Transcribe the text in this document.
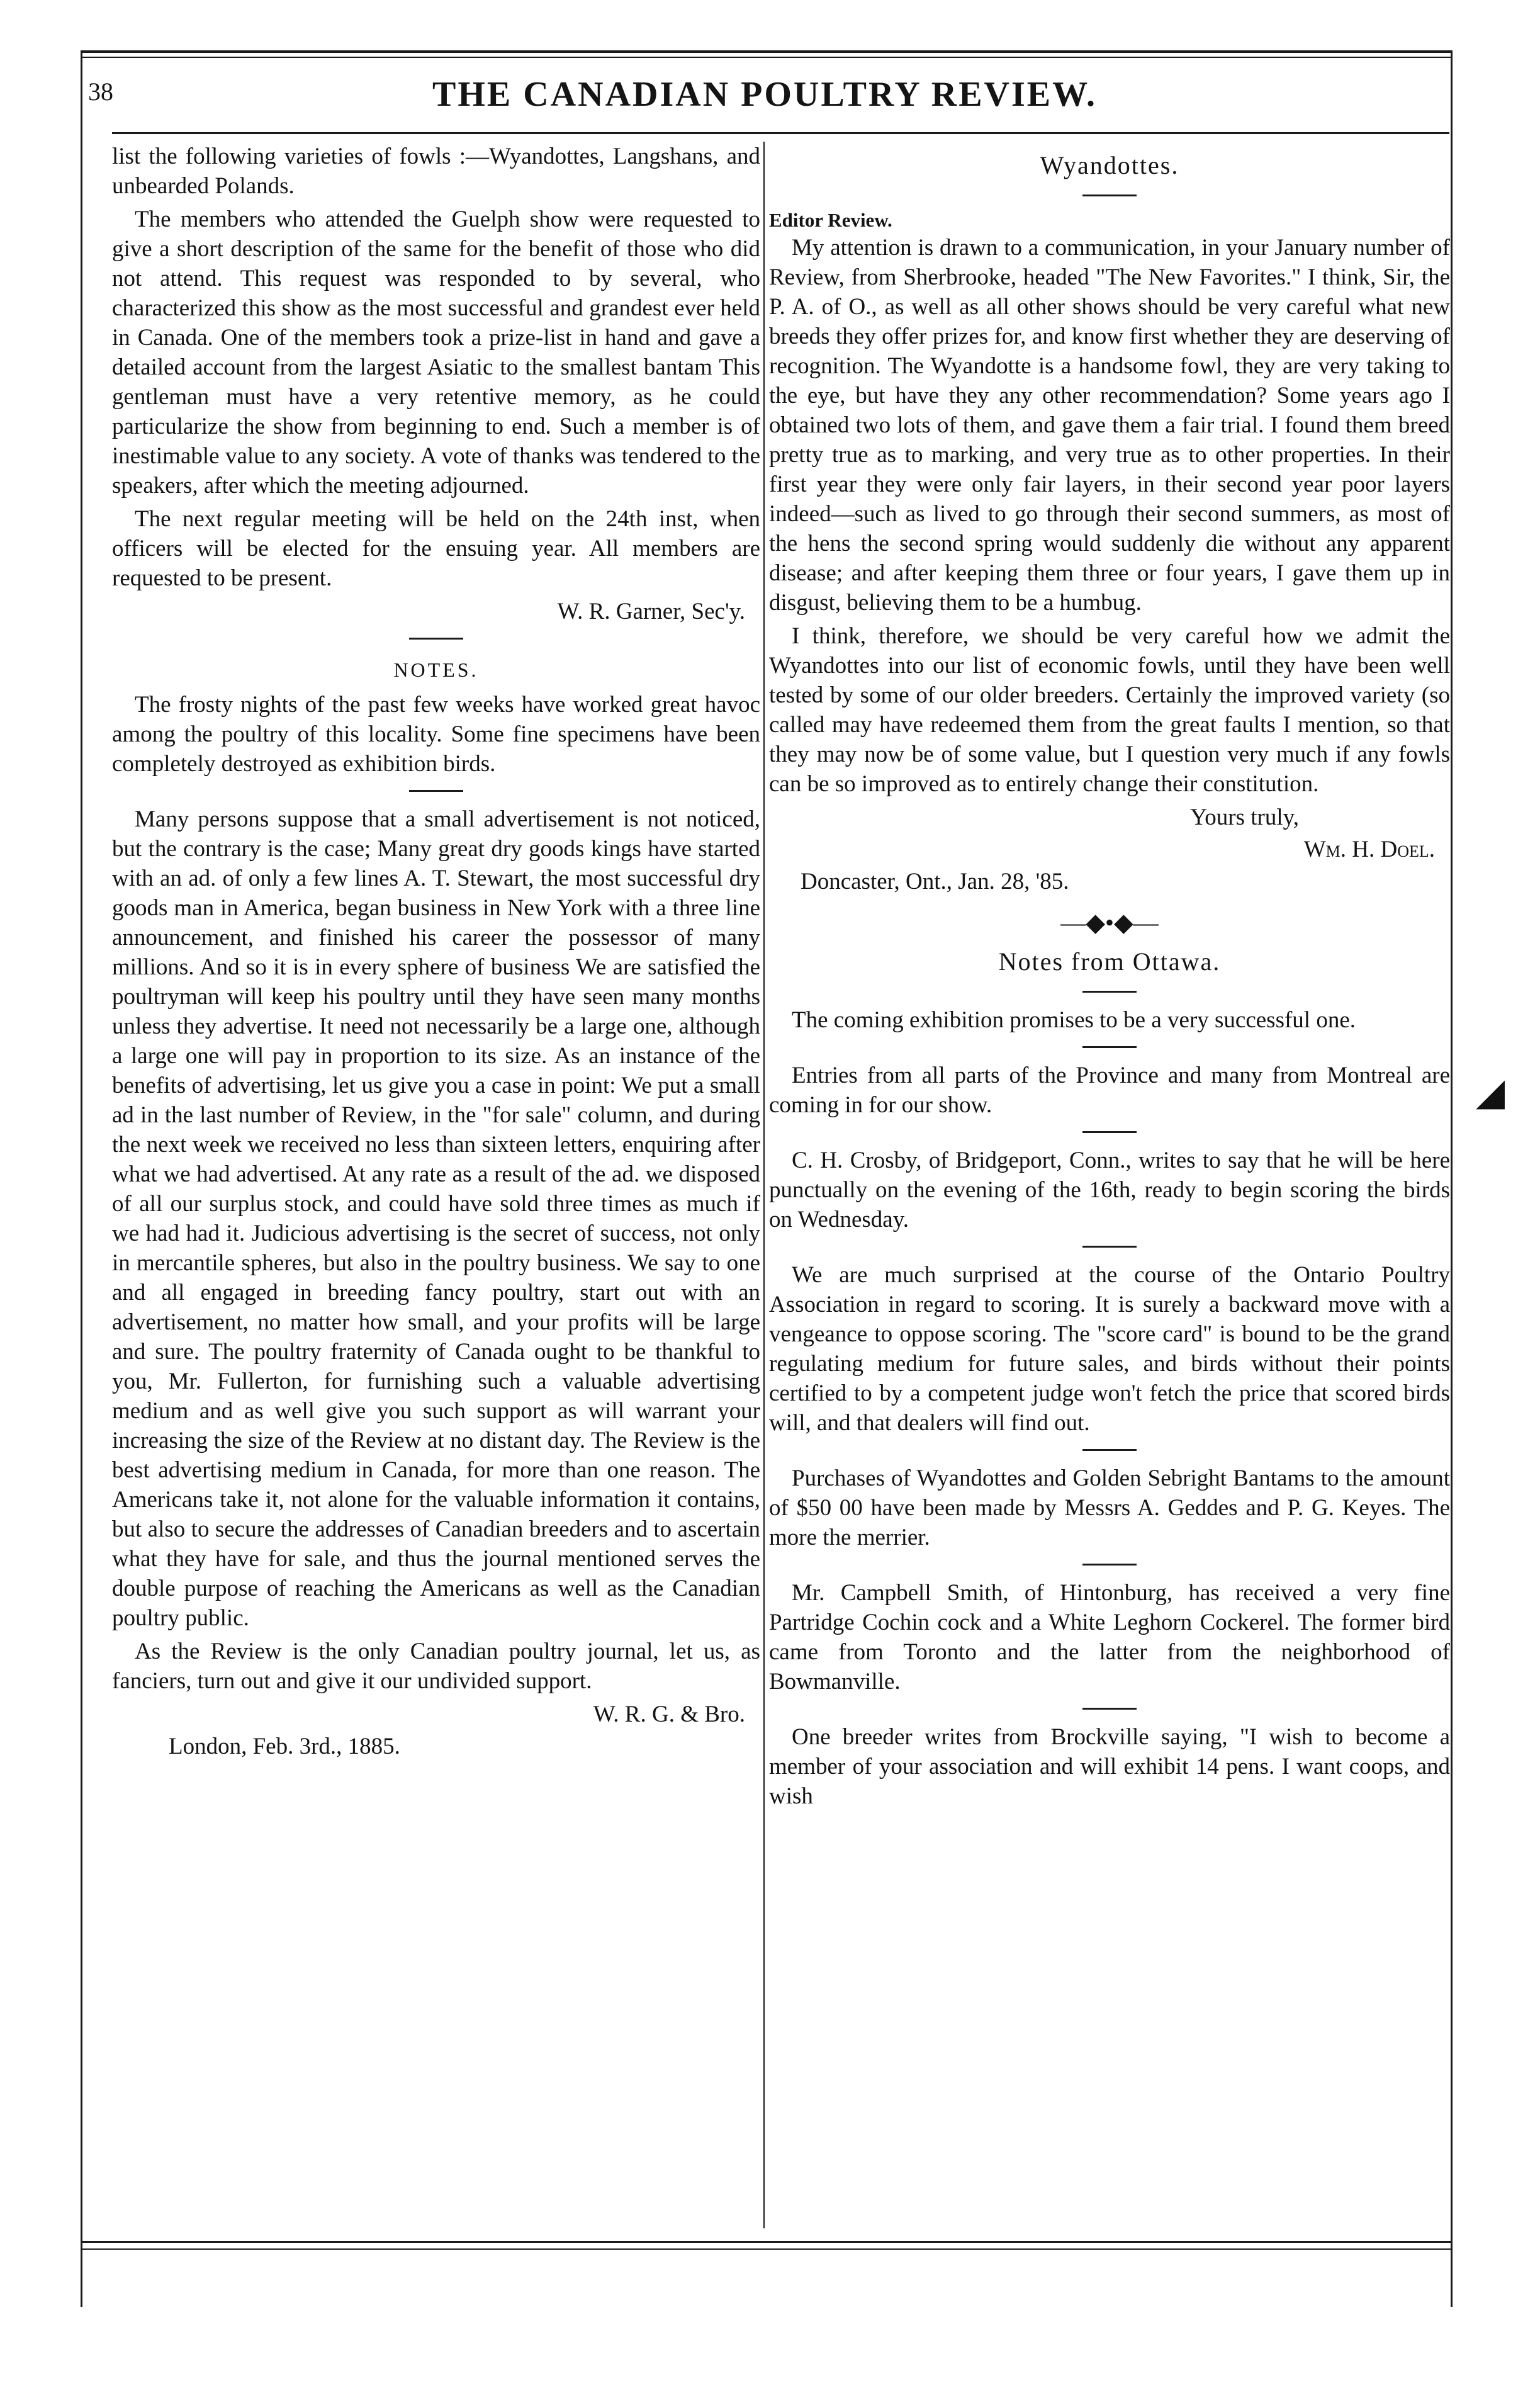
38	THE CANADIAN POULTRY REVIEW.

list the following varieties of fowls :—Wyandottes, Langshans, and unbearded Polands.

The members who attended the Guelph show were requested to give a short description of the same for the benefit of those who did not attend. This request was responded to by several, who characterized this show as the most successful and grandest ever held in Canada. One of the members took a prize-list in hand and gave a detailed account from the largest Asiatic to the smallest bantam This gentleman must have a very retentive memory, as he could particularize the show from beginning to end. Such a member is of inestimable value to any society. A vote of thanks was tendered to the speakers, after which the meeting adjourned.

The next regular meeting will be held on the 24th inst, when officers will be elected for the ensuing year. All members are requested to be present.

W. R. Garner, Sec'y.
NOTES.

The frosty nights of the past few weeks have worked great havoc among the poultry of this locality. Some fine specimens have been completely destroyed as exhibition birds.

Many persons suppose that a small advertisement is not noticed, but the contrary is the case; Many great dry goods kings have started with an ad. of only a few lines A. T. Stewart, the most successful dry goods man in America, began business in New York with a three line announcement, and finished his career the possessor of many millions. And so it is in every sphere of business We are satisfied the poultryman will keep his poultry until they have seen many months unless they advertise. It need not necessarily be a large one, although a large one will pay in proportion to its size. As an instance of the benefits of advertising, let us give you a case in point: We put a small ad in the last number of Review, in the "for sale" column, and during the next week we received no less than sixteen letters, enquiring after what we had advertised. At any rate as a result of the ad. we disposed of all our surplus stock, and could have sold three times as much if we had had it. Judicious advertising is the secret of success, not only in mercantile spheres, but also in the poultry business. We say to one and all engaged in breeding fancy poultry, start out with an advertisement, no matter how small, and your profits will be large and sure. The poultry fraternity of Canada ought to be thankful to you, Mr. Fullerton, for furnishing such a valuable advertising medium and as well give you such support as will warrant your increasing the size of the Review at no distant day. The Review is the best advertising medium in Canada, for more than one reason. The Americans take it, not alone for the valuable information it contains, but also to secure the addresses of Canadian breeders and to ascertain what they have for sale, and thus the journal mentioned serves the double purpose of reaching the Americans as well as the Canadian poultry public.

As the Review is the only Canadian poultry journal, let us, as fanciers, turn out and give it our undivided support.

W. R. G. & Bro.
London, Feb. 3rd., 1885.
Wyandottes.
Editor Review.

My attention is drawn to a communication, in your January number of Review, from Sherbrooke, headed "The New Favorites." I think, Sir, the P. A. of O., as well as all other shows should be very careful what new breeds they offer prizes for, and know first whether they are deserving of recognition. The Wyandotte is a handsome fowl, they are very taking to the eye, but have they any other recommendation? Some years ago I obtained two lots of them, and gave them a fair trial. I found them breed pretty true as to marking, and very true as to other properties. In their first year they were only fair layers, in their second year poor layers indeed—such as lived to go through their second summers, as most of the hens the second spring would suddenly die without any apparent disease; and after keeping them three or four years, I gave them up in disgust, believing them to be a humbug.

I think, therefore, we should be very careful how we admit the Wyandottes into our list of economic fowls, until they have been well tested by some of our older breeders. Certainly the improved variety (so called may have redeemed them from the great faults I mention, so that they may now be of some value, but I question very much if any fowls can be so improved as to entirely change their constitution.

Yours truly,
Wm. H. Doel.
Doncaster, Ont., Jan. 28, '85.
—◆•◆—
Notes from Ottawa.

The coming exhibition promises to be a very successful one.

Entries from all parts of the Province and many from Montreal are coming in for our show.

C. H. Crosby, of Bridgeport, Conn., writes to say that he will be here punctually on the evening of the 16th, ready to begin scoring the birds on Wednesday.

We are much surprised at the course of the Ontario Poultry Association in regard to scoring. It is surely a backward move with a vengeance to oppose scoring. The "score card" is bound to be the grand regulating medium for future sales, and birds without their points certified to by a competent judge won't fetch the price that scored birds will, and that dealers will find out.

Purchases of Wyandottes and Golden Sebright Bantams to the amount of $50 00 have been made by Messrs A. Geddes and P. G. Keyes. The more the merrier.

Mr. Campbell Smith, of Hintonburg, has received a very fine Partridge Cochin cock and a White Leghorn Cockerel. The former bird came from Toronto and the latter from the neighborhood of Bowmanville.

One breeder writes from Brockville saying, "I wish to become a member of your association and will exhibit 14 pens. I want coops, and wish

◢
